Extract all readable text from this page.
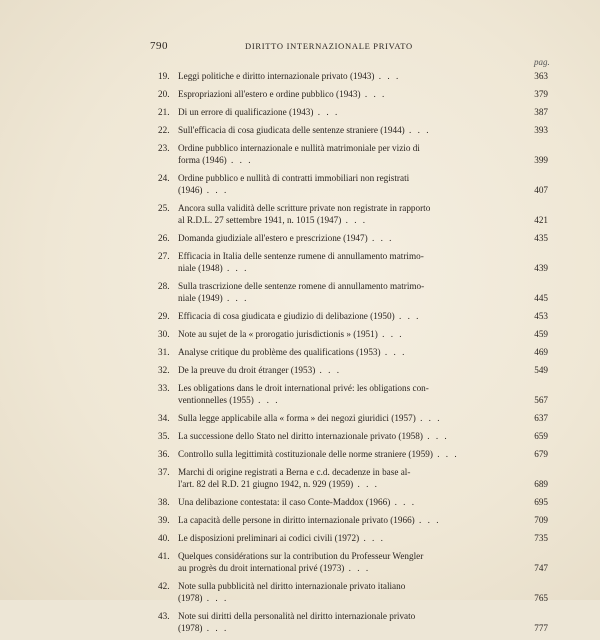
790	DIRITTO INTERNAZIONALE PRIVATO
pag.
19. Leggi politiche e diritto internazionale privato (1943) . . .	363
20. Espropriazioni all'estero e ordine pubblico (1943) . . .	379
21. Di un errore di qualificazione (1943) . . .	387
22. Sull'efficacia di cosa giudicata delle sentenze straniere (1944) . . .	393
23. Ordine pubblico internazionale e nullità matrimoniale per vizio di
forma (1946) . . .	399
24. Ordine pubblico e nullità di contratti immobiliari non registrati
(1946) . . .	407
25. Ancora sulla validità delle scritture private non registrate in rapporto
al R.D.L. 27 settembre 1941, n. 1015 (1947) . . .	421
26. Domanda giudiziale all'estero e prescrizione (1947) . . .	435
27. Efficacia in Italia delle sentenze rumene di annullamento matrimo-
niale (1948) . . .	439
28. Sulla trascrizione delle sentenze romene di annullamento matrimo-
niale (1949) . . .	445
29. Efficacia di cosa giudicata e giudizio di delibazione (1950) . . .	453
30. Note au sujet de la « prorogatio jurisdictionis » (1951) . . .	459
31. Analyse critique du problème des qualifications (1953) . . .	469
32. De la preuve du droit étranger (1953) . . .	549
33. Les obligations dans le droit international privé: les obligations con-
ventionnelles (1955) . . .	567
34. Sulla legge applicabile alla « forma » dei negozi giuridici (1957) . . .	637
35. La successione dello Stato nel diritto internazionale privato (1958) . . .	659
36. Controllo sulla legittimità costituzionale delle norme straniere (1959) . . .	679
37. Marchi di origine registrati a Berna e c.d. decadenze in base al-
l'art. 82 del R.D. 21 giugno 1942, n. 929 (1959) . . .	689
38. Una delibazione contestata: il caso Conte-Maddox (1966) . . .	695
39. La capacità delle persone in diritto internazionale privato (1966) . . .	709
40. Le disposizioni preliminari ai codici civili (1972) . . .	735
41. Quelques considérations sur la contribution du Professeur Wengler
au progrès du droit international privé (1973) . . .	747
42. Note sulla pubblicità nel diritto internazionale privato italiano
(1978) . . .	765
43. Note sui diritti della personalità nel diritto internazionale privato
(1978) . . .	777
